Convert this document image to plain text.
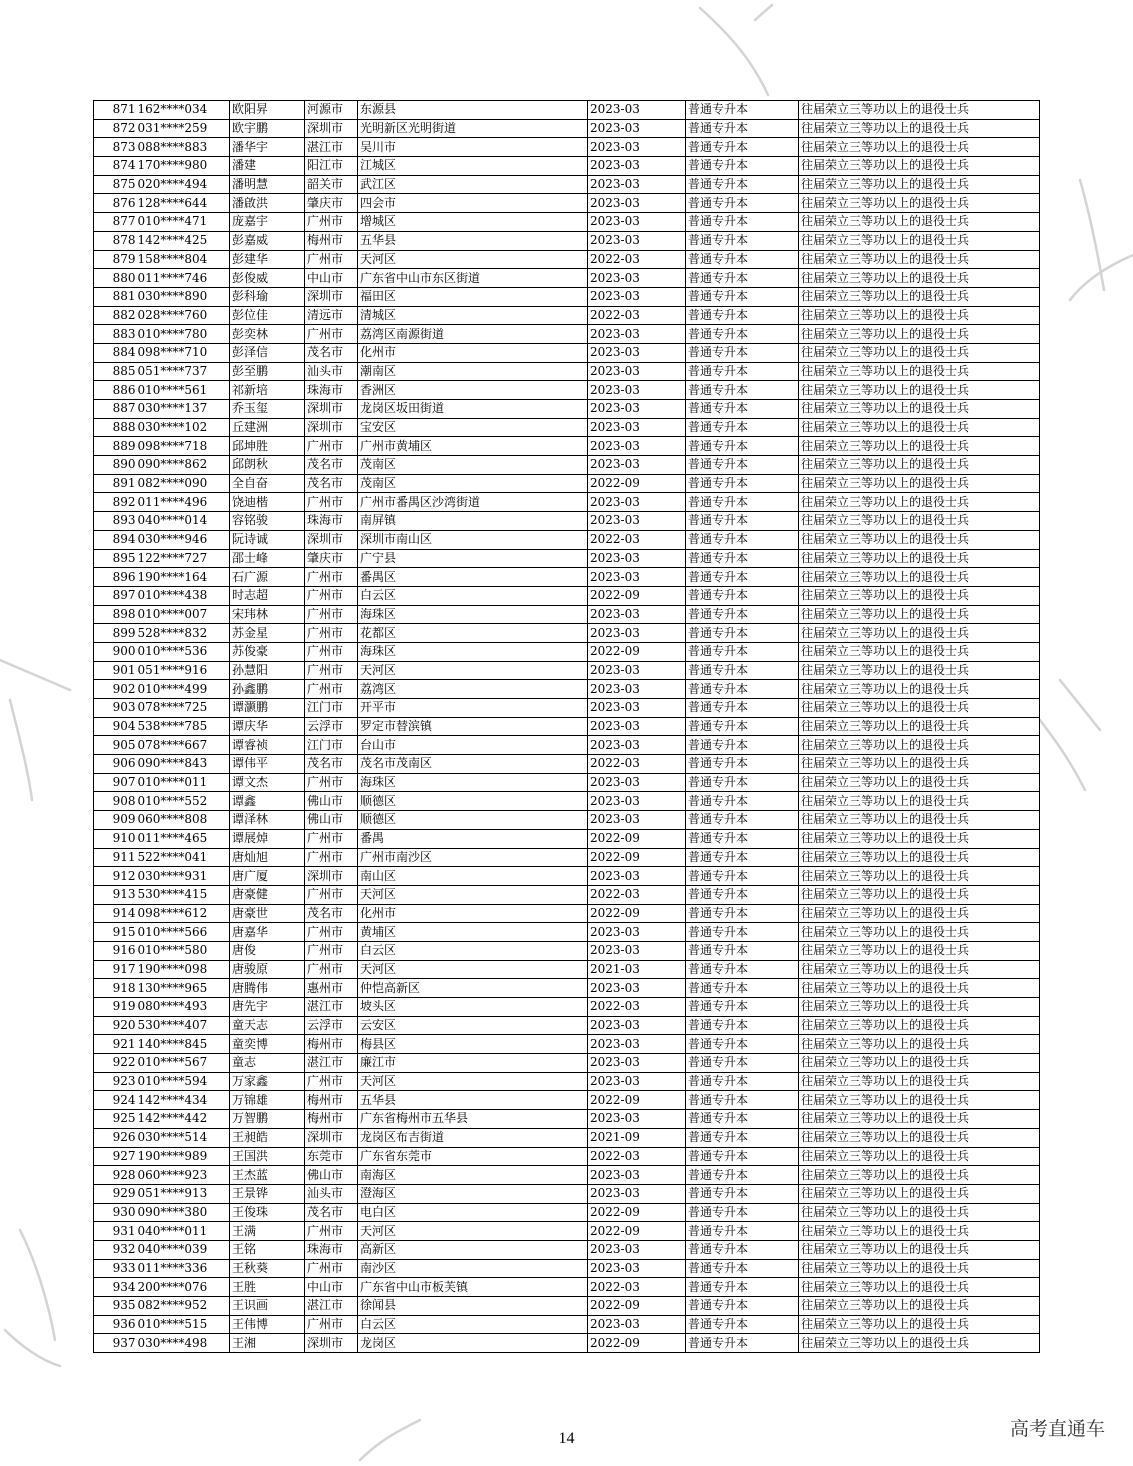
871	162****034	欧阳昇	河源市	东源县	2023-03	普通专升本	往届荣立三等功以上的退役士兵
872	031****259	欧宇鹏	深圳市	光明新区光明街道	2023-03	普通专升本	往届荣立三等功以上的退役士兵
873	088****883	潘华宇	湛江市	吴川市	2023-03	普通专升本	往届荣立三等功以上的退役士兵
874	170****980	潘建	阳江市	江城区	2023-03	普通专升本	往届荣立三等功以上的退役士兵
875	020****494	潘明慧	韶关市	武江区	2023-03	普通专升本	往届荣立三等功以上的退役士兵
876	128****644	潘啟洪	肇庆市	四会市	2023-03	普通专升本	往届荣立三等功以上的退役士兵
877	010****471	庞嘉宇	广州市	增城区	2023-03	普通专升本	往届荣立三等功以上的退役士兵
878	142****425	彭嘉威	梅州市	五华县	2023-03	普通专升本	往届荣立三等功以上的退役士兵
879	158****804	彭建华	广州市	天河区	2022-03	普通专升本	往届荣立三等功以上的退役士兵
880	011****746	彭俊威	中山市	广东省中山市东区街道	2023-03	普通专升本	往届荣立三等功以上的退役士兵
881	030****890	彭科瑜	深圳市	福田区	2023-03	普通专升本	往届荣立三等功以上的退役士兵
882	028****760	彭位佳	清远市	清城区	2022-03	普通专升本	往届荣立三等功以上的退役士兵
883	010****780	彭奕林	广州市	荔湾区南源街道	2023-03	普通专升本	往届荣立三等功以上的退役士兵
884	098****710	彭泽信	茂名市	化州市	2023-03	普通专升本	往届荣立三等功以上的退役士兵
885	051****737	彭至鹏	汕头市	潮南区	2023-03	普通专升本	往届荣立三等功以上的退役士兵
886	010****561	祁新培	珠海市	香洲区	2023-03	普通专升本	往届荣立三等功以上的退役士兵
887	030****137	乔玉玺	深圳市	龙岗区坂田街道	2023-03	普通专升本	往届荣立三等功以上的退役士兵
888	030****102	丘建洲	深圳市	宝安区	2023-03	普通专升本	往届荣立三等功以上的退役士兵
889	098****718	邱坤胜	广州市	广州市黄埔区	2023-03	普通专升本	往届荣立三等功以上的退役士兵
890	090****862	邱朗秋	茂名市	茂南区	2023-03	普通专升本	往届荣立三等功以上的退役士兵
891	082****090	全自奋	茂名市	茂南区	2022-09	普通专升本	往届荣立三等功以上的退役士兵
892	011****496	饶迪楷	广州市	广州市番禺区沙湾街道	2023-03	普通专升本	往届荣立三等功以上的退役士兵
893	040****014	容铭骏	珠海市	南屏镇	2023-03	普通专升本	往届荣立三等功以上的退役士兵
894	030****946	阮诗诚	深圳市	深圳市南山区	2022-03	普通专升本	往届荣立三等功以上的退役士兵
895	122****727	邵士峰	肇庆市	广宁县	2023-03	普通专升本	往届荣立三等功以上的退役士兵
896	190****164	石广源	广州市	番禺区	2023-03	普通专升本	往届荣立三等功以上的退役士兵
897	010****438	时志超	广州市	白云区	2022-09	普通专升本	往届荣立三等功以上的退役士兵
898	010****007	宋玮林	广州市	海珠区	2023-03	普通专升本	往届荣立三等功以上的退役士兵
899	528****832	苏金星	广州市	花都区	2023-03	普通专升本	往届荣立三等功以上的退役士兵
900	010****536	苏俊豪	广州市	海珠区	2022-09	普通专升本	往届荣立三等功以上的退役士兵
901	051****916	孙慧阳	广州市	天河区	2023-03	普通专升本	往届荣立三等功以上的退役士兵
902	010****499	孙鑫鹏	广州市	荔湾区	2023-03	普通专升本	往届荣立三等功以上的退役士兵
903	078****725	谭灏鹏	江门市	开平市	2023-03	普通专升本	往届荣立三等功以上的退役士兵
904	538****785	谭庆华	云浮市	罗定市替滨镇	2023-03	普通专升本	往届荣立三等功以上的退役士兵
905	078****667	谭睿祯	江门市	台山市	2023-03	普通专升本	往届荣立三等功以上的退役士兵
906	090****843	谭伟平	茂名市	茂名市茂南区	2022-03	普通专升本	往届荣立三等功以上的退役士兵
907	010****011	谭文杰	广州市	海珠区	2023-03	普通专升本	往届荣立三等功以上的退役士兵
908	010****552	谭鑫	佛山市	顺德区	2023-03	普通专升本	往届荣立三等功以上的退役士兵
909	060****808	谭泽林	佛山市	顺德区	2023-03	普通专升本	往届荣立三等功以上的退役士兵
910	011****465	谭展焯	广州市	番禺	2022-09	普通专升本	往届荣立三等功以上的退役士兵
911	522****041	唐灿旭	广州市	广州市南沙区	2022-09	普通专升本	往届荣立三等功以上的退役士兵
912	030****931	唐广厦	深圳市	南山区	2023-03	普通专升本	往届荣立三等功以上的退役士兵
913	530****415	唐豪健	广州市	天河区	2022-03	普通专升本	往届荣立三等功以上的退役士兵
914	098****612	唐豪世	茂名市	化州市	2022-09	普通专升本	往届荣立三等功以上的退役士兵
915	010****566	唐嘉华	广州市	黄埔区	2023-03	普通专升本	往届荣立三等功以上的退役士兵
916	010****580	唐俊	广州市	白云区	2023-03	普通专升本	往届荣立三等功以上的退役士兵
917	190****098	唐骏原	广州市	天河区	2021-03	普通专升本	往届荣立三等功以上的退役士兵
918	130****965	唐腾伟	惠州市	仲恺高新区	2023-03	普通专升本	往届荣立三等功以上的退役士兵
919	080****493	唐先宇	湛江市	坡头区	2022-03	普通专升本	往届荣立三等功以上的退役士兵
920	530****407	童天志	云浮市	云安区	2023-03	普通专升本	往届荣立三等功以上的退役士兵
921	140****845	童奕博	梅州市	梅县区	2023-03	普通专升本	往届荣立三等功以上的退役士兵
922	010****567	童志	湛江市	廉江市	2023-03	普通专升本	往届荣立三等功以上的退役士兵
923	010****594	万家鑫	广州市	天河区	2023-03	普通专升本	往届荣立三等功以上的退役士兵
924	142****434	万锦雄	梅州市	五华县	2022-09	普通专升本	往届荣立三等功以上的退役士兵
925	142****442	万智鹏	梅州市	广东省梅州市五华县	2023-03	普通专升本	往届荣立三等功以上的退役士兵
926	030****514	王昶皓	深圳市	龙岗区布吉街道	2021-09	普通专升本	往届荣立三等功以上的退役士兵
927	190****989	王国洪	东莞市	广东省东莞市	2022-03	普通专升本	往届荣立三等功以上的退役士兵
928	060****923	王杰蓝	佛山市	南海区	2023-03	普通专升本	往届荣立三等功以上的退役士兵
929	051****913	王景铧	汕头市	澄海区	2023-03	普通专升本	往届荣立三等功以上的退役士兵
930	090****380	王俊珠	茂名市	电白区	2022-09	普通专升本	往届荣立三等功以上的退役士兵
931	040****011	王满	广州市	天河区	2022-09	普通专升本	往届荣立三等功以上的退役士兵
932	040****039	王铭	珠海市	高新区	2023-03	普通专升本	往届荣立三等功以上的退役士兵
933	011****336	王秋葵	广州市	南沙区	2023-03	普通专升本	往届荣立三等功以上的退役士兵
934	200****076	王胜	中山市	广东省中山市板芙镇	2022-03	普通专升本	往届荣立三等功以上的退役士兵
935	082****952	王识画	湛江市	徐闻县	2022-09	普通专升本	往届荣立三等功以上的退役士兵
936	010****515	王伟博	广州市	白云区	2023-03	普通专升本	往届荣立三等功以上的退役士兵
937	030****498	王湘	深圳市	龙岗区	2022-09	普通专升本	往届荣立三等功以上的退役士兵
14	高考直通车
